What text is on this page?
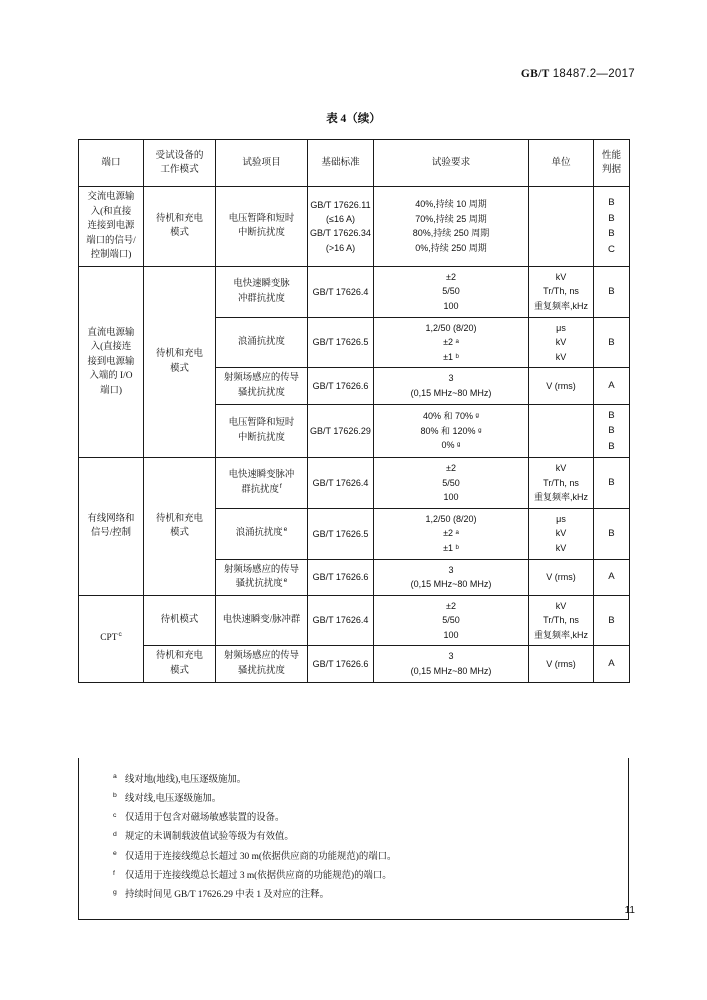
GB/T 18487.2—2017
表 4（续）
端口	受试设备的
工作模式	试验项目	基础标准	试验要求	单位	性能
判据

交流电源输
入(和直接
连接到电源
端口的信号/
控制端口)	待机和充电
模式	电压暂降和短时
中断抗扰度	GB/T 17626.11
(≤16 A)
GB/T 17626.34
(>16 A)	40%,持续 10 周期
70%,持续 25 周期
80%,持续 250 周期
0%,持续 250 周期		B
B
B
C

直流电源输
入(直接连
接到电源输
入端的 I/O
端口)	待机和充电
模式	电快速瞬变脉
冲群抗扰度	GB/T 17626.4	±2
5/50
100	kV
Tr/Th, ns
重复频率,kHz	B

		浪涌抗扰度	GB/T 17626.5	1,2/50 (8/20)
±2 ᵃ
±1 ᵇ	μs
kV
kV	B

		射频场感应的传导
骚扰抗扰度	GB/T 17626.6	3
(0,15 MHz~80 MHz)	V (rms)	A

		电压暂降和短时
中断抗扰度	GB/T 17626.29	40% 和 70% ᵍ
80% 和 120% ᵍ
0% ᵍ		B
B
B

有线网络和
信号/控制	待机和充电
模式	电快速瞬变脉冲
群抗扰度$^f$	GB/T 17626.4	±2
5/50
100	kV
Tr/Th, ns
重复频率,kHz	B

		浪涌抗扰度$^e$	GB/T 17626.5	1,2/50 (8/20)
±2 ᵃ
±1 ᵇ	μs
kV
kV	B

		射频场感应的传导
骚扰抗扰度$^e$	GB/T 17626.6	3
(0,15 MHz~80 MHz)	V (rms)	A

CPT$^c$	待机模式	电快速瞬变/脉冲群	GB/T 17626.4	±2
5/50
100	kV
Tr/Th, ns
重复频率,kHz	B

	待机和充电
模式	射频场感应的传导
骚扰抗扰度	GB/T 17626.6	3
(0,15 MHz~80 MHz)	V (rms)	A
a 线对地(地线),电压逐级施加。
b 线对线,电压逐级施加。
c 仅适用于包含对磁场敏感装置的设备。
d 规定的未调制载波值试验等级为有效值。
e 仅适用于连接线缆总长超过 30 m(依据供应商的功能规范)的端口。
f	仅适用于连接线缆总长超过 3 m(依据供应商的功能规范)的端口。
g 持续时间见 GB/T 17626.29 中表 1 及对应的注释。
11
